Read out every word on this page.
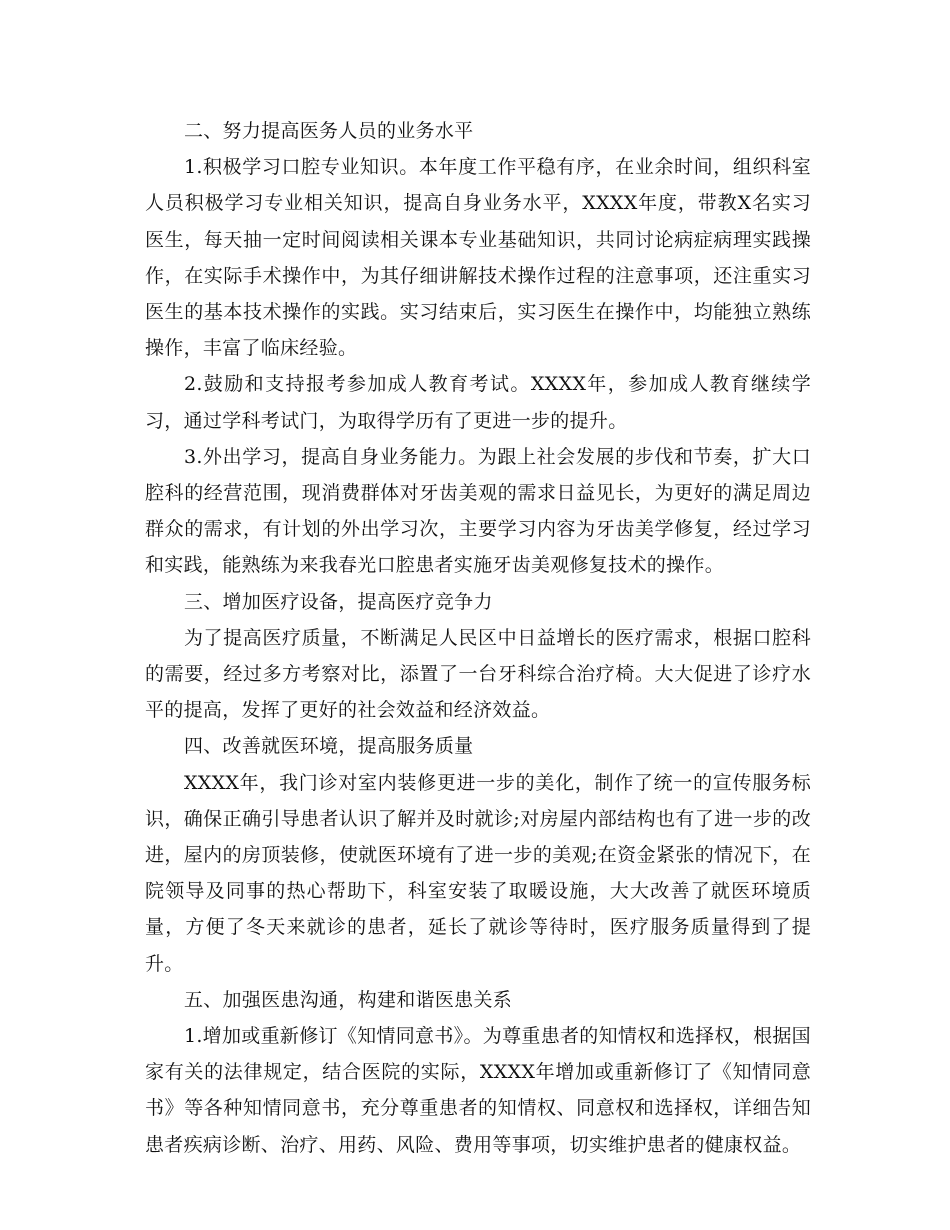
二、努力提高医务人员的业务水平

1.积极学习口腔专业知识。本年度工作平稳有序，在业余时间，组织科室人员积极学习专业相关知识，提高自身业务水平，XXXX年度，带教X名实习医生，每天抽一定时间阅读相关课本专业基础知识，共同讨论病症病理实践操作，在实际手术操作中，为其仔细讲解技术操作过程的注意事项，还注重实习医生的基本技术操作的实践。实习结束后，实习医生在操作中，均能独立熟练操作，丰富了临床经验。

2.鼓励和支持报考参加成人教育考试。XXXX年，参加成人教育继续学习，通过学科考试门，为取得学历有了更进一步的提升。

3.外出学习，提高自身业务能力。为跟上社会发展的步伐和节奏，扩大口腔科的经营范围，现消费群体对牙齿美观的需求日益见长，为更好的满足周边群众的需求，有计划的外出学习次，主要学习内容为牙齿美学修复，经过学习和实践，能熟练为来我春光口腔患者实施牙齿美观修复技术的操作。

三、增加医疗设备，提高医疗竞争力

为了提高医疗质量，不断满足人民区中日益增长的医疗需求，根据口腔科的需要，经过多方考察对比，添置了一台牙科综合治疗椅。大大促进了诊疗水平的提高，发挥了更好的社会效益和经济效益。

四、改善就医环境，提高服务质量

XXXX年，我门诊对室内装修更进一步的美化，制作了统一的宣传服务标识，确保正确引导患者认识了解并及时就诊;对房屋内部结构也有了进一步的改进，屋内的房顶装修，使就医环境有了进一步的美观;在资金紧张的情况下，在院领导及同事的热心帮助下，科室安装了取暖设施，大大改善了就医环境质量，方便了冬天来就诊的患者，延长了就诊等待时，医疗服务质量得到了提升。

五、加强医患沟通，构建和谐医患关系

1.增加或重新修订《知情同意书》。为尊重患者的知情权和选择权，根据国家有关的法律规定，结合医院的实际，XXXX年增加或重新修订了《知情同意书》等各种知情同意书，充分尊重患者的知情权、同意权和选择权，详细告知患者疾病诊断、治疗、用药、风险、费用等事项，切实维护患者的健康权益。
